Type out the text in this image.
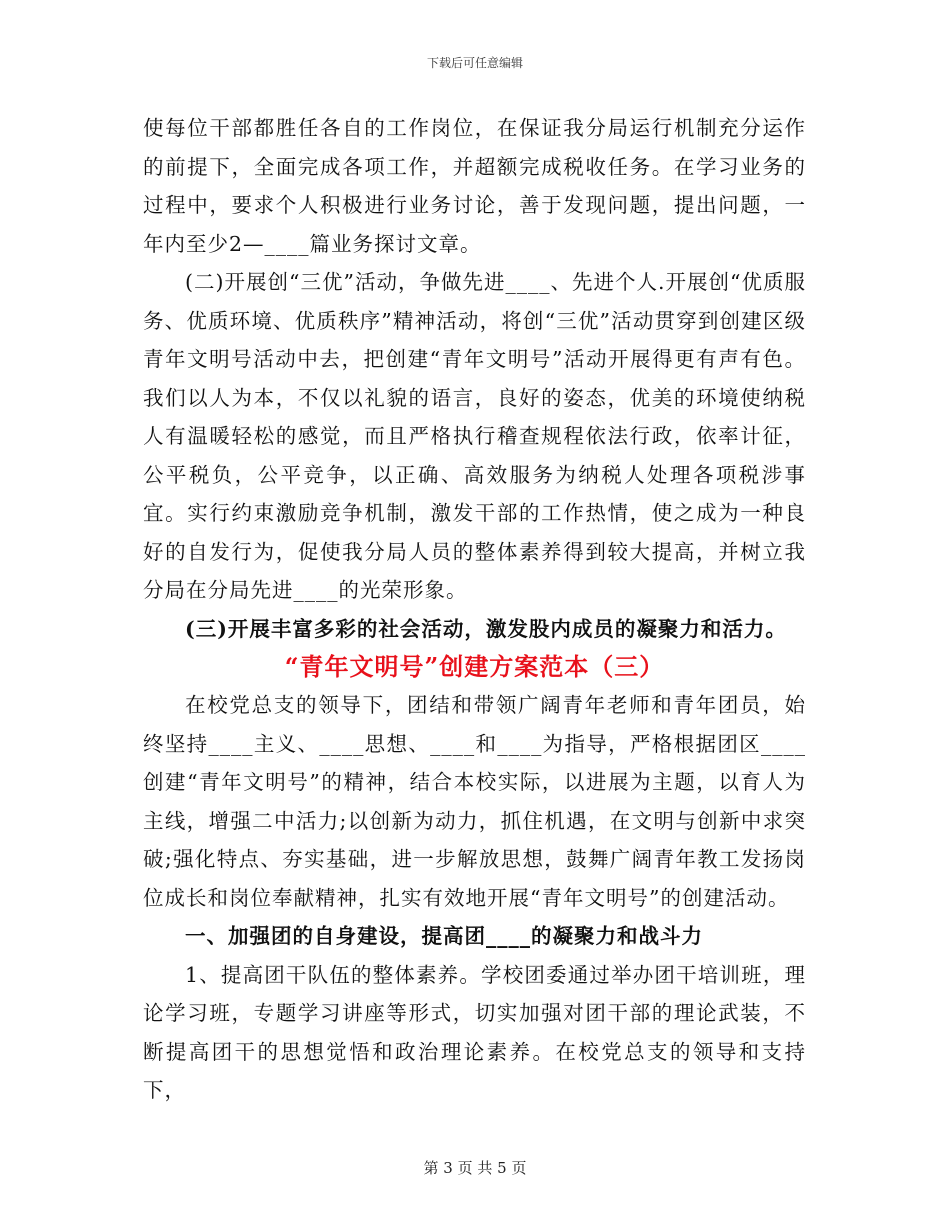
下载后可任意编辑

使每位干部都胜任各自的工作岗位，在保证我分局运行机制充分运作的前提下，全面完成各项工作，并超额完成税收任务。在学习业务的过程中，要求个人积极进行业务讨论，善于发现问题，提出问题，一年内至少2—____篇业务探讨文章。

(二)开展创“三优”活动，争做先进____、先进个人.开展创“优质服务、优质环境、优质秩序”精神活动，将创“三优”活动贯穿到创建区级青年文明号活动中去，把创建“青年文明号”活动开展得更有声有色。我们以人为本，不仅以礼貌的语言，良好的姿态，优美的环境使纳税人有温暖轻松的感觉，而且严格执行稽查规程依法行政，依率计征，公平税负，公平竞争，以正确、高效服务为纳税人处理各项税涉事宜。实行约束激励竞争机制，激发干部的工作热情，使之成为一种良好的自发行为，促使我分局人员的整体素养得到较大提高，并树立我分局在分局先进____的光荣形象。

(三)开展丰富多彩的社会活动，激发股内成员的凝聚力和活力。

“青年文明号”创建方案范本（三）

在校党总支的领导下，团结和带领广阔青年老师和青年团员，始终坚持____主义、____思想、____和____为指导，严格根据团区____创建“青年文明号”的精神，结合本校实际，以进展为主题，以育人为主线，增强二中活力;以创新为动力，抓住机遇，在文明与创新中求突破;强化特点、夯实基础，进一步解放思想，鼓舞广阔青年教工发扬岗位成长和岗位奉献精神，扎实有效地开展“青年文明号”的创建活动。

一、加强团的自身建设，提高团____的凝聚力和战斗力

1、提高团干队伍的整体素养。学校团委通过举办团干培训班，理论学习班，专题学习讲座等形式，切实加强对团干部的理论武装，不断提高团干的思想觉悟和政治理论素养。在校党总支的领导和支持下，

第 3 页 共 5 页
